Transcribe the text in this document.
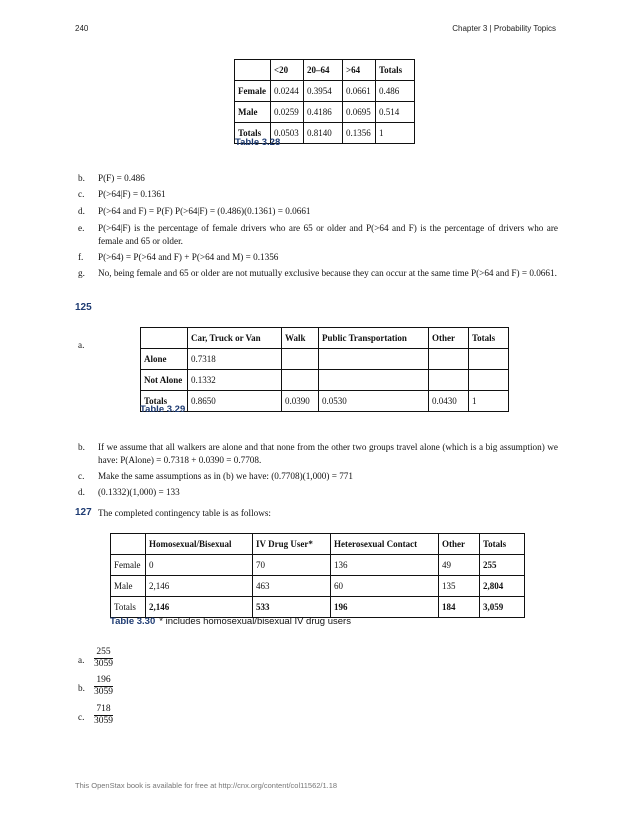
240	Chapter 3 | Probability Topics
	<20	20–64	>64	Totals
Female	0.0244	0.3954	0.0661	0.486
Male	0.0259	0.4186	0.0695	0.514
Totals	0.0503	0.8140	0.1356	1
Table 3.28
b. P(F) = 0.486
c. P(>64|F) = 0.1361
d. P(>64 and F) = P(F) P(>64|F) = (0.486)(0.1361) = 0.0661
e. P(>64|F) is the percentage of female drivers who are 65 or older and P(>64 and F) is the percentage of drivers who are female and 65 or older.
f. P(>64) = P(>64 and F) + P(>64 and M) = 0.1356
g. No, being female and 65 or older are not mutually exclusive because they can occur at the same time P(>64 and F) = 0.0661.
125
a.
	Car, Truck or Van	Walk	Public Transportation	Other	Totals
Alone	0.7318				
Not Alone	0.1332				
Totals	0.8650	0.0390	0.0530	0.0430	1
Table 3.29
b. If we assume that all walkers are alone and that none from the other two groups travel alone (which is a big assumption) we have: P(Alone) = 0.7318 + 0.0390 = 0.7708.
c. Make the same assumptions as in (b) we have: (0.7708)(1,000) = 771
d. (0.1332)(1,000) = 133
127 The completed contingency table is as follows:
	Homosexual/Bisexual	IV Drug User*	Heterosexual Contact	Other	Totals
Female	0	70	136	49	255
Male	2,146	463	60	135	2,804
Totals	2,146	533	196	184	3,059
Table 3.30 * includes homosexual/bisexual IV drug users
a. $\frac{255}{3059}$
b. $\frac{196}{3059}$
c. $\frac{718}{3059}$
This OpenStax book is available for free at http://cnx.org/content/col11562/1.18
